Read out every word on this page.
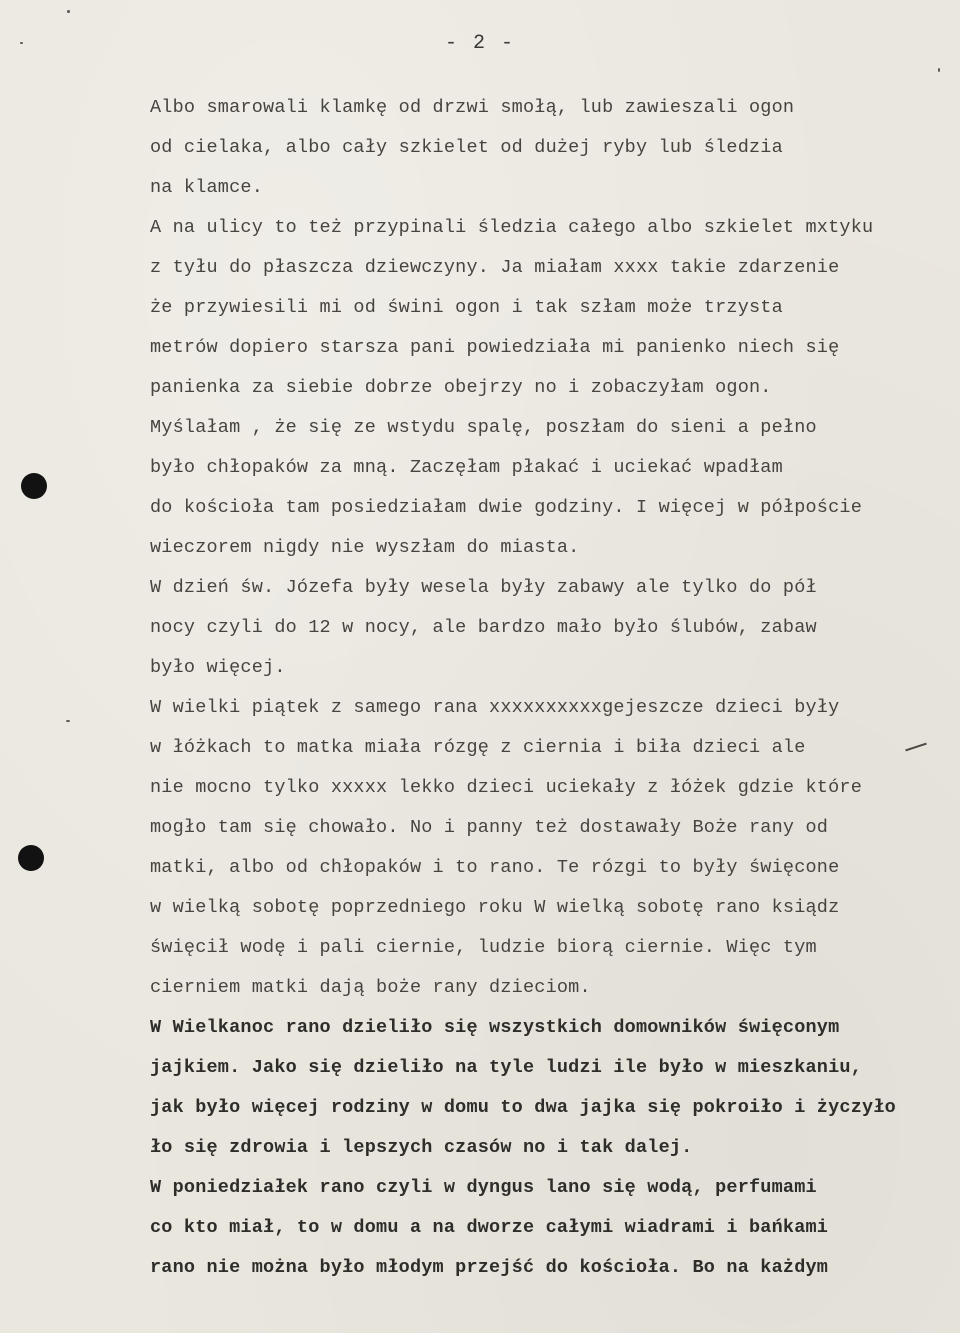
- 2 -
Albo smarowali klamkę od drzwi smołą, lub zawieszali ogon
od cielaka, albo cały szkielet od dużej ryby lub śledzia
na klamce.
A na ulicy to też przypinali śledzia całego albo szkielet mxtyku
z tyłu do płaszcza dziewczyny. Ja miałam xxxx takie zdarzenie
że przywiesili mi od świni ogon i tak szłam może trzysta
metrów dopiero starsza pani powiedziała mi panienko niech się
panienka za siebie dobrze obejrzy no i zobaczyłam ogon.
Myślałam , że się ze wstydu spalę, poszłam do sieni a pełno
było chłopaków za mną. Zaczęłam płakać i uciekać wpadłam
do kościoła tam posiedziałam dwie godziny. I więcej w półpoście
wieczorem nigdy nie wyszłam do miasta.
W dzień św. Józefa były wesela były zabawy ale tylko do pół
nocy czyli do 12 w nocy, ale bardzo mało było ślubów, zabaw
było więcej.
W wielki piątek z samego rana xxxxxxxxxxgejeszcze dzieci były
w łóżkach to matka miała rózgę z ciernia i biła dzieci ale
nie mocno tylko xxxxx lekko dzieci uciekały z łóżek gdzie które
mogło tam się chowało. No i panny też dostawały Boże rany od
matki, albo od chłopaków i to rano. Te rózgi to były święcone
w wielką sobotę poprzedniego roku W wielką sobotę rano ksiądz
święcił wodę i pali ciernie, ludzie biorą ciernie. Więc tym
cierniem matki dają boże rany dzieciom.
W Wielkanoc rano dzieliło się wszystkich domowników święconym
jajkiem. Jako się dzieliło na tyle ludzi ile było w mieszkaniu,
jak było więcej rodziny w domu to dwa jajka się pokroiło i życzyło
ło się zdrowia i lepszych czasów no i tak dalej.
W poniedziałek rano czyli w dyngus lano się wodą, perfumami
co kto miał, to w domu a na dworze całymi wiadrami i bańkami
rano nie można było młodym przejść do kościoła. Bo na każdym
